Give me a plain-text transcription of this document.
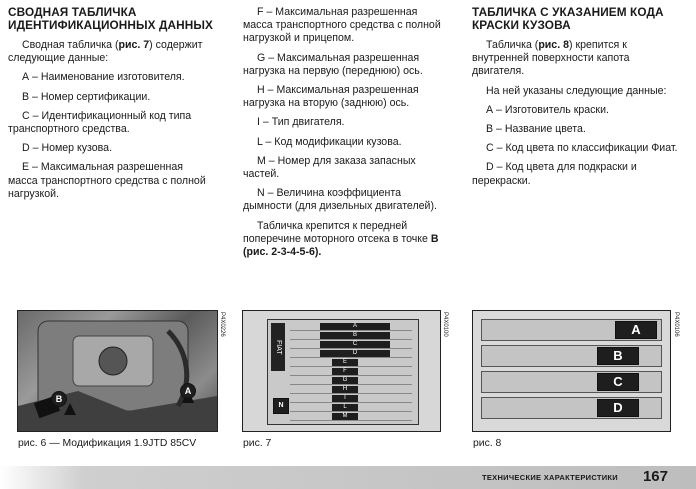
СВОДНАЯ ТАБЛИЧКА ИДЕНТИФИКАЦИОННЫХ ДАННЫХ

Сводная табличка (рис. 7) содержит следующие данные:

А – Наименование изготовителя.

В – Номер сертификации.

С – Идентификационный код типа транспортного средства.

D – Номер кузова.

Е – Максимальная разрешенная масса транспортного средства с полной нагрузкой.

F – Максимальная разрешенная масса транспортного средства с полной нагрузкой и прицепом.

G – Максимальная разрешенная нагрузка на первую (переднюю) ось.

Н – Максимальная разрешенная нагрузка на вторую (заднюю) ось.

I – Тип двигателя.

L – Код модификации кузова.

М – Номер для заказа запасных частей.

N – Величина коэффициента дымности (для дизельных двигателей).

Табличка крепится к передней поперечине моторного отсека в точке В (рис. 2-3-4-5-6).

ТАБЛИЧКА С УКАЗАНИЕМ КОДА КРАСКИ КУЗОВА

Табличка (рис. 8) крепится к внутренней поверхности капота двигателя.

На ней указаны следующие данные:

А – Изготовитель краски.

В – Название цвета.

С – Код цвета по классификации Фиат.

D – Код цвета для подкраски и перекраски.

B
A
P4X0226
рис. 6 — Модификация 1.9JTD 85CV
FIAT
A
B
C
D
E
F
G
H
I
L
M
N
P4X0100
рис. 7
A
B
C
D
P4X0106
рис. 8
ТЕХНИЧЕСКИЕ ХАРАКТЕРИСТИКИ 167
